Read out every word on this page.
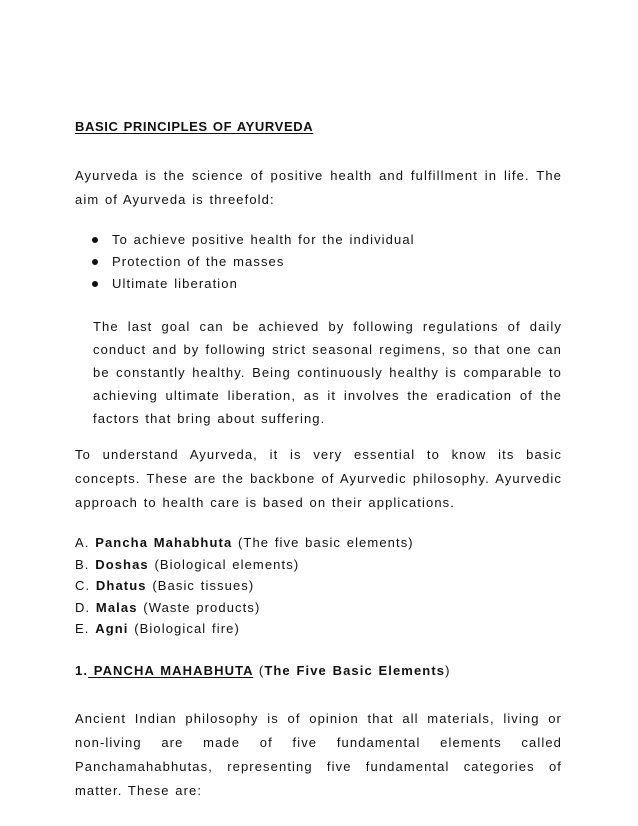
BASIC PRINCIPLES OF AYURVEDA

Ayurveda is the science of positive health and fulfillment in life. The aim of Ayurveda is threefold:

To achieve positive health for the individual
Protection of the masses
Ultimate liberation

The last goal can be achieved by following regulations of daily conduct and by following strict seasonal regimens, so that one can be constantly healthy. Being continuously healthy is comparable to achieving ultimate liberation, as it involves the eradication of the factors that bring about suffering.

To understand Ayurveda, it is very essential to know its basic concepts. These are the backbone of Ayurvedic philosophy. Ayurvedic approach to health care is based on their applications.

A. Pancha Mahabhuta (The five basic elements)
B. Doshas (Biological elements)
C. Dhatus (Basic tissues)
D. Malas (Waste products)
E. Agni (Biological fire)
1. PANCHA MAHABHUTA (The Five Basic Elements)

Ancient Indian philosophy is of opinion that all materials, living or non-living are made of five fundamental elements called Panchamahabhutas, representing five fundamental categories of matter. These are:
